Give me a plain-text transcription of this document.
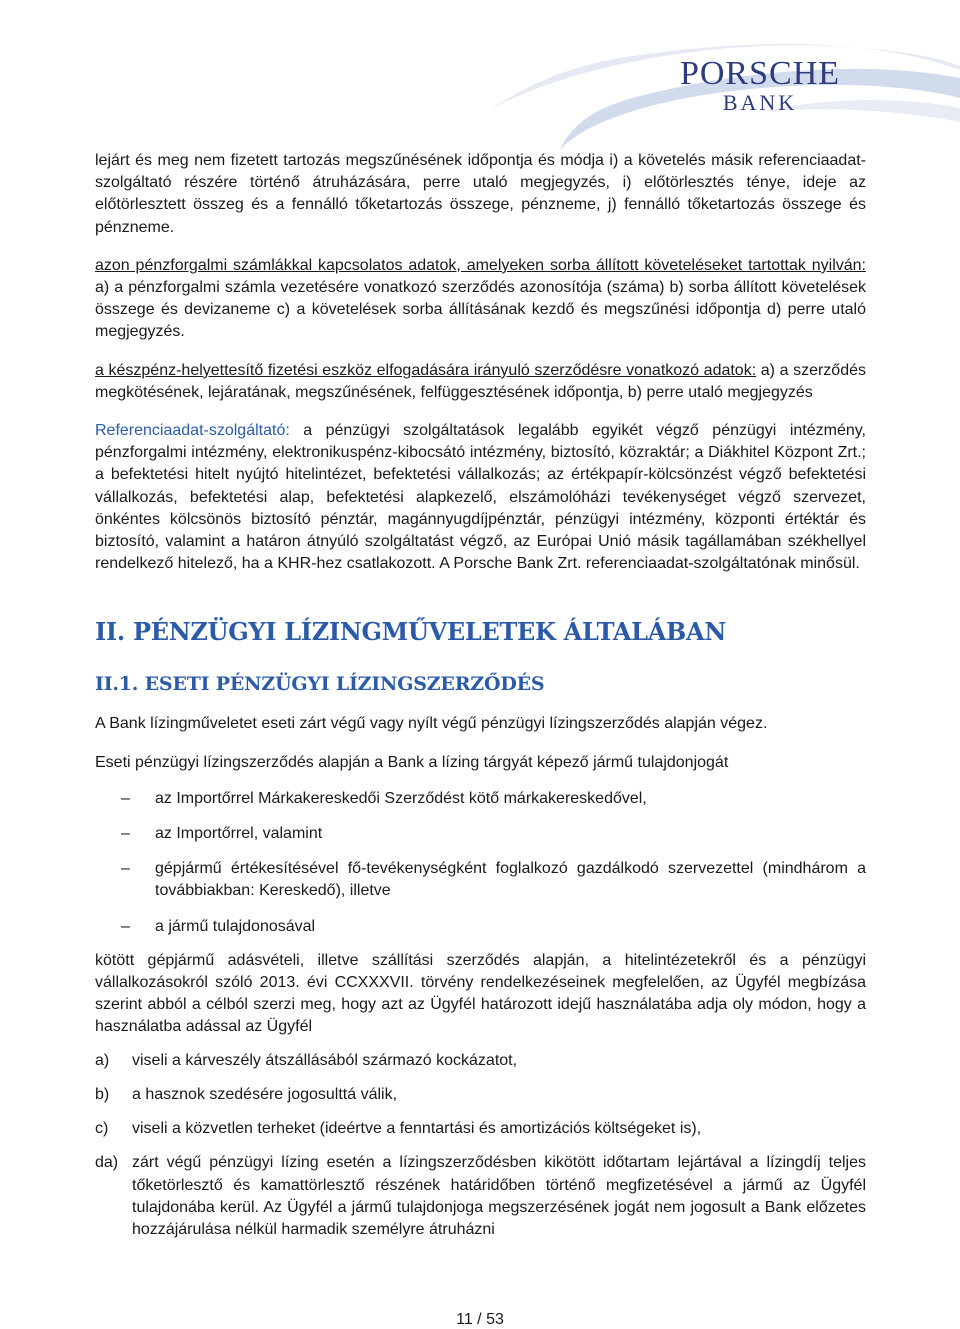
PORSCHE
BANK

lejárt és meg nem fizetett tartozás megszűnésének időpontja és módja i) a követelés másik referenciaadat-szolgáltató részére történő átruházására, perre utaló megjegyzés, i) előtörlesztés ténye, ideje az előtörlesztett összeg és a fennálló tőketartozás összege, pénzneme, j) fennálló tőketartozás összege és pénzneme.

azon pénzforgalmi számlákkal kapcsolatos adatok, amelyeken sorba állított követeléseket tartottak nyilván: a) a pénzforgalmi számla vezetésére vonatkozó szerződés azonosítója (száma) b) sorba állított követelések összege és devizaneme c) a követelések sorba állításának kezdő és megszűnési időpontja d) perre utaló megjegyzés.

a készpénz-helyettesítő fizetési eszköz elfogadására irányuló szerződésre vonatkozó adatok: a) a szerződés megkötésének, lejáratának, megszűnésének, felfüggesztésének időpontja, b) perre utaló megjegyzés

Referenciaadat-szolgáltató: a pénzügyi szolgáltatások legalább egyikét végző pénzügyi intézmény, pénzforgalmi intézmény, elektronikuspénz-kibocsátó intézmény, biztosító, közraktár; a Diákhitel Központ Zrt.; a befektetési hitelt nyújtó hitelintézet, befektetési vállalkozás; az értékpapír-kölcsönzést végző befektetési vállalkozás, befektetési alap, befektetési alapkezelő, elszámolóházi tevékenységet végző szervezet, önkéntes kölcsönös biztosító pénztár, magánnyugdíjpénztár, pénzügyi intézmény, központi értéktár és biztosító, valamint a határon átnyúló szolgáltatást végző, az Európai Unió másik tagállamában székhellyel rendelkező hitelező, ha a KHR-hez csatlakozott. A Porsche Bank Zrt. referenciaadat-szolgáltatónak minősül.

II. PÉNZÜGYI LÍZINGMŰVELETEK ÁLTALÁBAN
II.1. ESETI PÉNZÜGYI LÍZINGSZERZŐDÉS

A Bank lízingműveletet eseti zárt végű vagy nyílt végű pénzügyi lízingszerződés alapján végez.

Eseti pénzügyi lízingszerződés alapján a Bank a lízing tárgyát képező jármű tulajdonjogát

– az Importőrrel Márkakereskedői Szerződést kötő márkakereskedővel,
– az Importőrrel, valamint
– gépjármű értékesítésével fő-tevékenységként foglalkozó gazdálkodó szervezettel (mindhárom a továbbiakban: Kereskedő), illetve
– a jármű tulajdonosával

kötött gépjármű adásvételi, illetve szállítási szerződés alapján, a hitelintézetekről és a pénzügyi vállalkozásokról szóló 2013. évi CCXXXVII. törvény rendelkezéseinek megfelelően, az Ügyfél megbízása szerint abból a célból szerzi meg, hogy azt az Ügyfél határozott idejű használatába adja oly módon, hogy a használatba adással az Ügyfél

a) viseli a kárveszély átszállásából származó kockázatot,
b) a hasznok szedésére jogosulttá válik,
c) viseli a közvetlen terheket (ideértve a fenntartási és amortizációs költségeket is),
da) zárt végű pénzügyi lízing esetén a lízingszerződésben kikötött időtartam lejártával a lízingdíj teljes tőketörlesztő és kamattörlesztő részének határidőben történő megfizetésével a jármű az Ügyfél tulajdonába kerül. Az Ügyfél a jármű tulajdonjoga megszerzésének jogát nem jogosult a Bank előzetes hozzájárulása nélkül harmadik személyre átruházni
11 / 53
